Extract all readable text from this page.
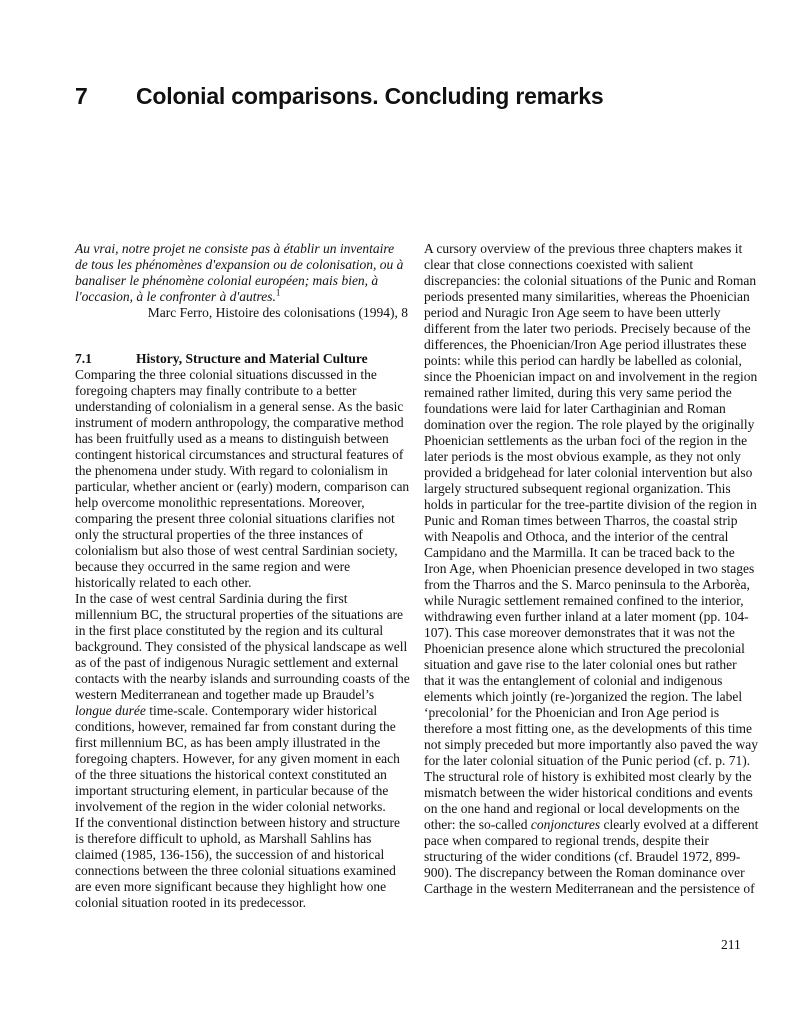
7 Colonial comparisons. Concluding remarks

Au vrai, notre projet ne consiste pas à établir un inventaire de tous les phénomènes d'expansion ou de colonisation, ou à banaliser le phénomène colonial européen; mais bien, à l'occasion, à le confronter à d'autres.$^1$

Marc Ferro, Histoire des colonisations (1994), 8

7.1	History, Structure and Material Culture

Comparing the three colonial situations discussed in the foregoing chapters may finally contribute to a better understanding of colonialism in a general sense. As the basic instrument of modern anthropology, the comparative method has been fruitfully used as a means to distinguish between contingent historical circumstances and structural features of the phenomena under study. With regard to colonialism in particular, whether ancient or (early) modern, comparison can help overcome monolithic representations. Moreover, comparing the present three colonial situations clarifies not only the structural properties of the three instances of colonialism but also those of west central Sardinian society, because they occurred in the same region and were historically related to each other.

In the case of west central Sardinia during the first millennium BC, the structural properties of the situations are in the first place constituted by the region and its cultural background. They consisted of the physical landscape as well as of the past of indigenous Nuragic settlement and external contacts with the nearby islands and surrounding coasts of the western Mediterranean and together made up Braudel’s longue durée time-scale. Contemporary wider historical conditions, however, remained far from constant during the first millennium BC, as has been amply illustrated in the foregoing chapters. However, for any given moment in each of the three situations the historical context constituted an important structuring element, in particular because of the involvement of the region in the wider colonial networks.

If the conventional distinction between history and structure is therefore difficult to uphold, as Marshall Sahlins has claimed (1985, 136-156), the succession of and historical connections between the three colonial situations examined are even more significant because they highlight how one colonial situation rooted in its predecessor.

A cursory overview of the previous three chapters makes it clear that close connections coexisted with salient discrepancies: the colonial situations of the Punic and Roman periods presented many similarities, whereas the Phoenician period and Nuragic Iron Age seem to have been utterly different from the later two periods. Precisely because of the differences, the Phoenician/Iron Age period illustrates these points: while this period can hardly be labelled as colonial, since the Phoenician impact on and involvement in the region remained rather limited, during this very same period the foundations were laid for later Carthaginian and Roman domination over the region. The role played by the originally Phoenician settlements as the urban foci of the region in the later periods is the most obvious example, as they not only provided a bridgehead for later colonial intervention but also largely structured subsequent regional organization. This holds in particular for the tree-partite division of the region in Punic and Roman times between Tharros, the coastal strip with Neapolis and Othoca, and the interior of the central Campidano and the Marmilla. It can be traced back to the Iron Age, when Phoenician presence developed in two stages from the Tharros and the S. Marco peninsula to the Arborèa, while Nuragic settlement remained confined to the interior, withdrawing even further inland at a later moment (pp. 104-107). This case moreover demonstrates that it was not the Phoenician presence alone which structured the precolonial situation and gave rise to the later colonial ones but rather that it was the entanglement of colonial and indigenous elements which jointly (re-)organized the region. The label ‘precolonial’ for the Phoenician and Iron Age period is therefore a most fitting one, as the developments of this time not simply preceded but more importantly also paved the way for the later colonial situation of the Punic period (cf. p. 71).

The structural role of history is exhibited most clearly by the mismatch between the wider historical conditions and events on the one hand and regional or local developments on the other: the so-called conjonctures clearly evolved at a different pace when compared to regional trends, despite their structuring of the wider conditions (cf. Braudel 1972, 899-900). The discrepancy between the Roman dominance over Carthage in the western Mediterranean and the persistence of

211
